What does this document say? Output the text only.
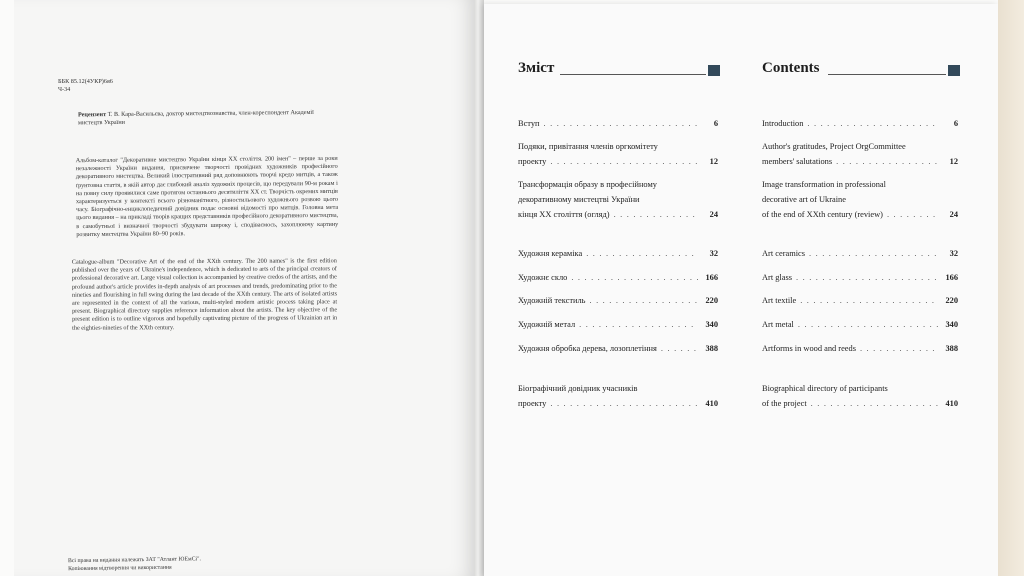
ББК 85.12(4УКР)6я6
Ч-34
Рецензент Т. В. Кара-Васильєва, доктор мистецтвознавства, член-кореспондент Академії мистецтв України
Альбом-каталог "Декоративне мистецтво України кінця XX століття. 200 імен" – перше за роки незалежності України видання, присвячене творчості провідних художників професійного декоративного мистецтва. Великий ілюстративний ряд доповнюють творчі кредо митців, а також ґрунтовна стаття, в якій автор дає глибокий аналіз художніх процесів, що передували 90-м рокам і на повну силу проявилися саме протягом останнього десятиліття XX ст. Творчість окремих митців характеризується у контексті всього різноманітного, різностильового художнього розвою цього часу. Біографічно-енциклопедичний довідник подає основні відомості про митців. Головна мета цього видання – на прикладі творів кращих представників професійного декоративного мистецтва, в самобутньої і визначної творчості збудувати широку і, сподіваємось, захоплюючу картину розвитку мистецтва України 80–90 років.
Catalogue-album "Decorative Art of the end of the XXth century. The 200 names" is the first edition published over the years of Ukraine's independence, which is dedicated to arts of the principal creators of professional decorative art. Large visual collection is accompanied by creative credos of the artists, and the profound author's article provides in-depth analysis of art processes and trends, predominating prior to the nineties and flourishing in full swing during the last decade of the XXth century. The arts of isolated artists are represented in the context of all the various, multi-styled modern artistic process taking place at present. Biographical directory supplies reference information about the artists. The key objective of the present edition is to outline vigorous and hopefully captivating picture of the progress of Ukrainian art in the eighties-nineties of the XXth century.
Всі права на видання належать ЗАТ "Атлант ЮЕмСі". Копіювання відтворення чи використання
Зміст	Contents
Вступ . . .	6
Подяки, привітання членів оргкомітету
проекту . . .	12
Трансформація образу в професійному
декоративному мистецтві України
кінця XX століття (огляд) . . .	24
Художня кераміка . . .	32
Художнє скло . . .	166
Художній текстиль . . .	220
Художній метал . . .	340
Художня обробка дерева, лозоплетіння . . .	388
Біографічний довідник учасників
проекту . . .	410
Introduction . . .	6
Author's gratitudes, Project OrgCommittee
members' salutations . . .	12
Image transformation in professional
decorative art of Ukraine
of the end of XXth century (review) . . .	24
Art ceramics . . .	32
Art glass . . .	166
Art textile . . .	220
Art metal . . .	340
Artforms in wood and reeds . . .	388
Biographical directory of participants
of the project . . .	410
